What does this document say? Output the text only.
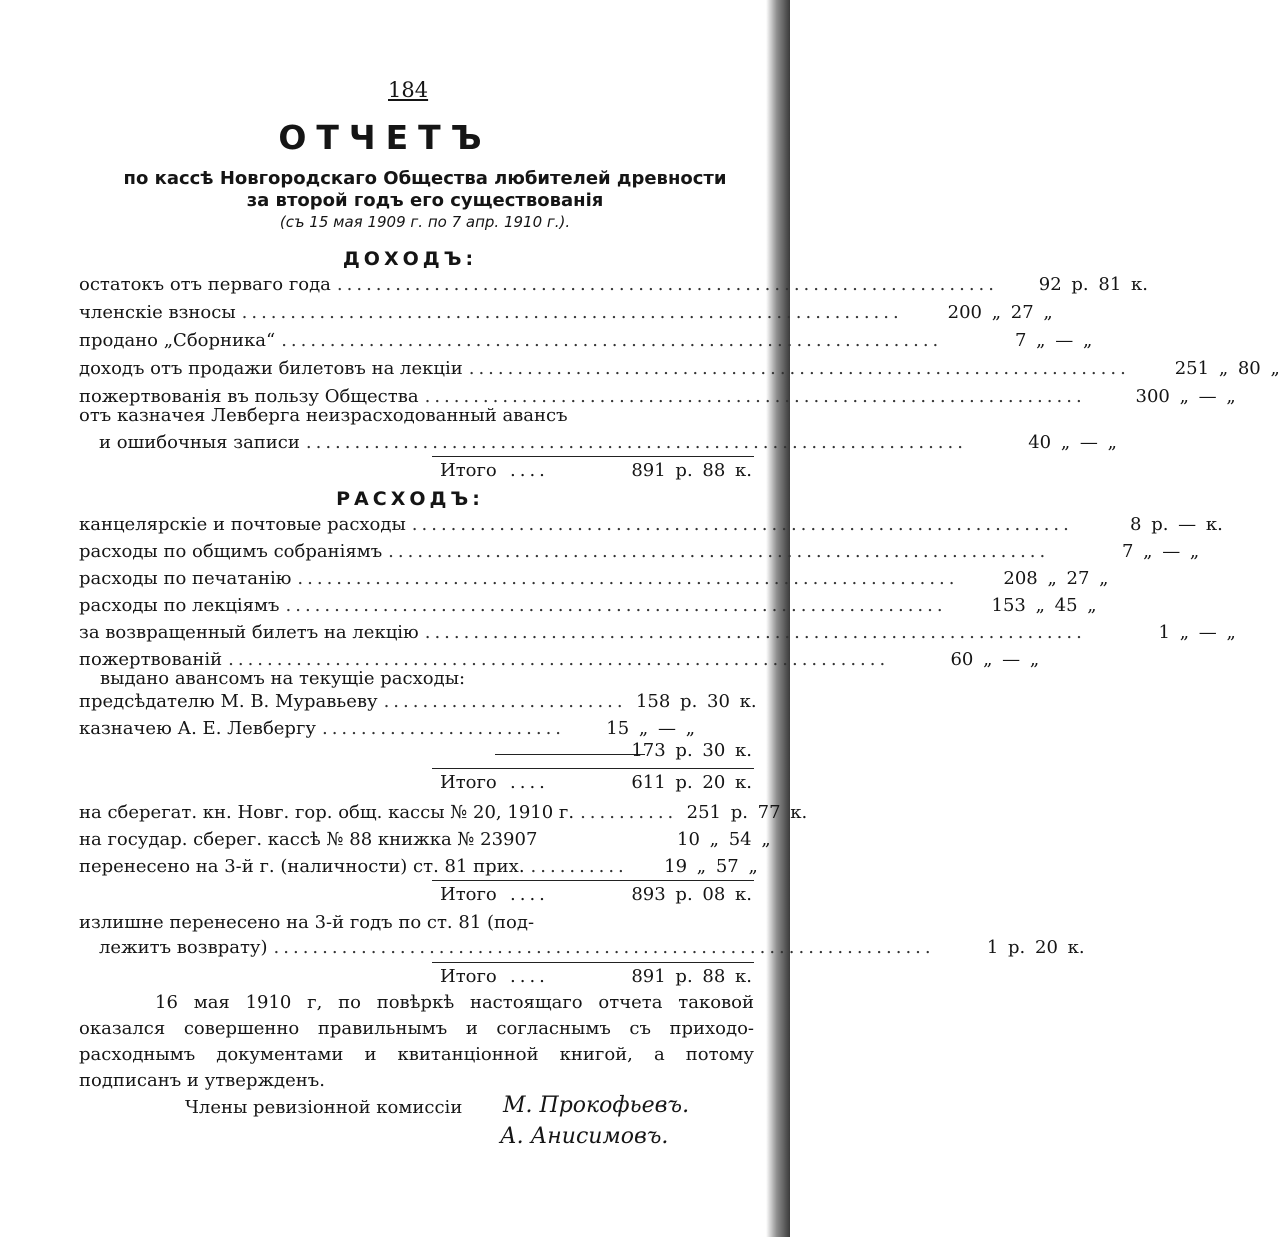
184
ОТЧЕТЪ
по кассѣ Новгородскаго Общества любителей древности
за второй годъ его существованія
(съ 15 мая 1909 г. по 7 апр. 1910 г.).
ДОХОДЪ:
остатокъ отъ перваго года ....................................................................	92 р. 81 к.
членскіе взносы ....................................................................	200 „ 27 „
продано „Сборника“ ....................................................................	7 „ — „
доходъ отъ продажи билетовъ на лекціи ....................................................................	251 „ 80 „
пожертвованія въ пользу Общества ....................................................................	300 „ — „
отъ казначея Левберга неизрасходованный авансъ
и ошибочныя записи ....................................................................	40 „ — „
Итого ....	891 р. 88 к.
РАСХОДЪ:
канцелярскіе и почтовые расходы ....................................................................	8 р. — к.
расходы по общимъ собраніямъ ....................................................................	7 „ — „
расходы по печатанію ....................................................................	208 „ 27 „
расходы по лекціямъ ....................................................................	153 „ 45 „
за возвращенный билетъ на лекцію ....................................................................	1 „ — „
пожертвованій ....................................................................	60 „ — „
выдано авансомъ на текущіе расходы:
предсѣдателю М. В. Муравьеву ......................... 158 р. 30 к.
казначею А. Е. Левбергу .........................	15 „ — „
173 р. 30 к.
Итого ....	611 р. 20 к.
на сберегат. кн. Новг. гор. общ. кассы № 20, 1910 г. .......... 251 р. 77 к.
на государ. сберег. кассѣ № 88 книжка № 23907	10 „ 54 „
перенесено на 3-й г. (наличности) ст. 81 прих. ..........	19 „ 57 „
Итого ....	893 р. 08 к.
излишне перенесено на 3-й годъ по ст. 81 (под-
лежитъ возврату) ....................................................................	1 р. 20 к.
Итого ....	891 р. 88 к.
16 мая 1910 г, по повѣркѣ настоящаго отчета таковой оказался совершенно правильнымъ и согласнымъ съ приходо-расходнымъ документами и квитанціонной книгой, а потому подписанъ и утвержденъ.
Члены ревизіонной комиссіи М. Прокофьевъ.
А. Анисимовъ.
